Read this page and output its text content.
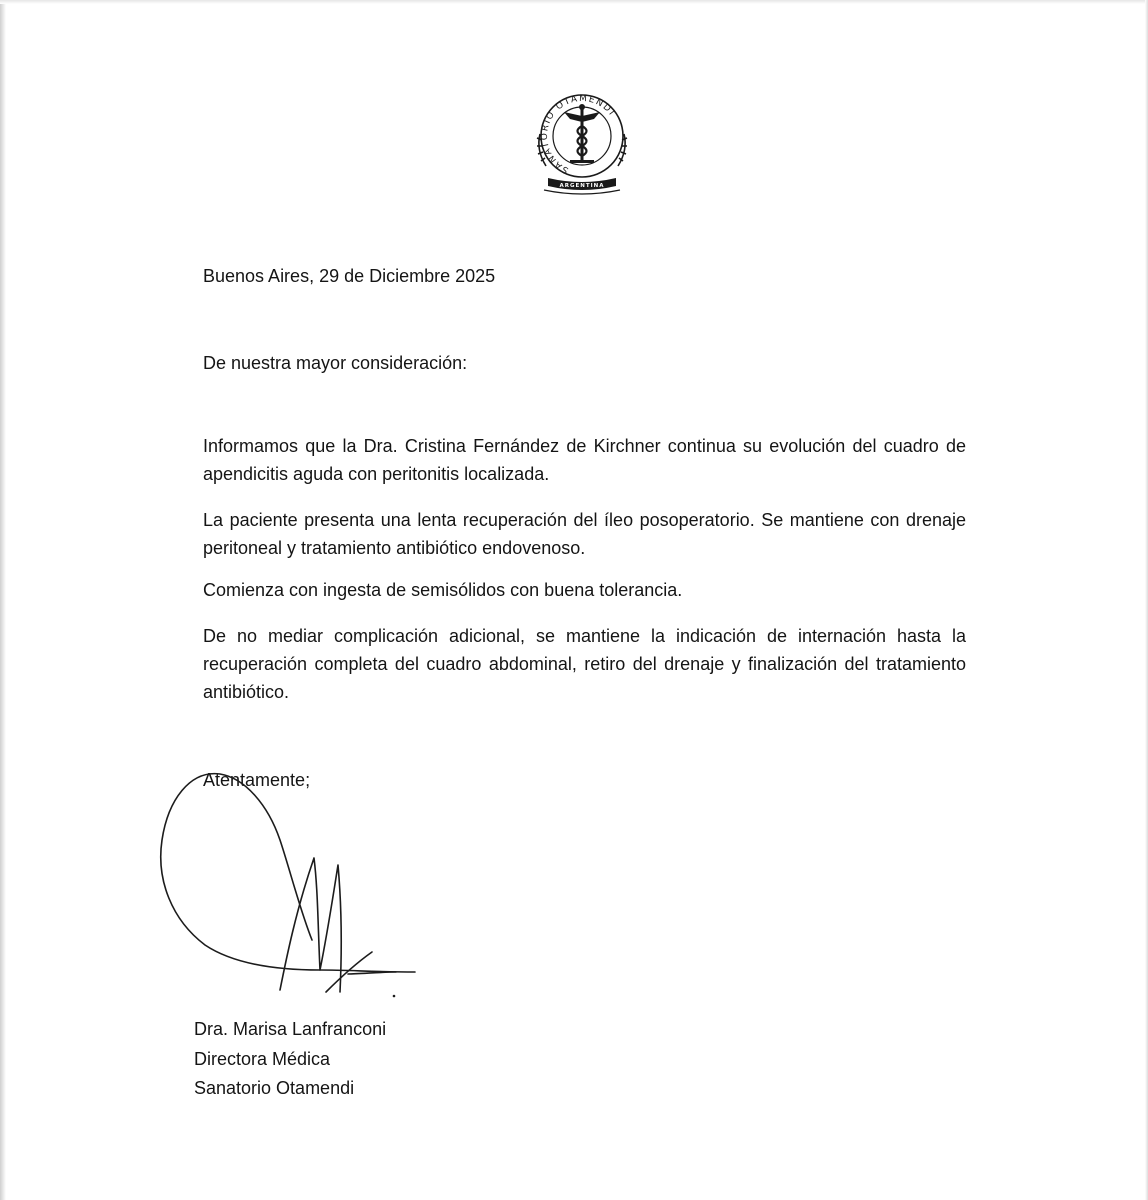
SANATORIO OTAMENDI
ARGENTINA

Buenos Aires, 29 de Diciembre 2025

De nuestra mayor consideración:

Informamos que la Dra. Cristina Fernández de Kirchner continua su evolución del cuadro de apendicitis aguda con peritonitis localizada.

La paciente presenta una lenta recuperación del íleo posoperatorio. Se mantiene con drenaje peritoneal y tratamiento antibiótico endovenoso.

Comienza con ingesta de semisólidos con buena tolerancia.

De no mediar complicación adicional, se mantiene la indicación de internación hasta la recuperación completa del cuadro abdominal, retiro del drenaje y finalización del tratamiento antibiótico.

Atentamente;

Dra. Marisa Lanfranconi

Directora Médica

Sanatorio Otamendi
